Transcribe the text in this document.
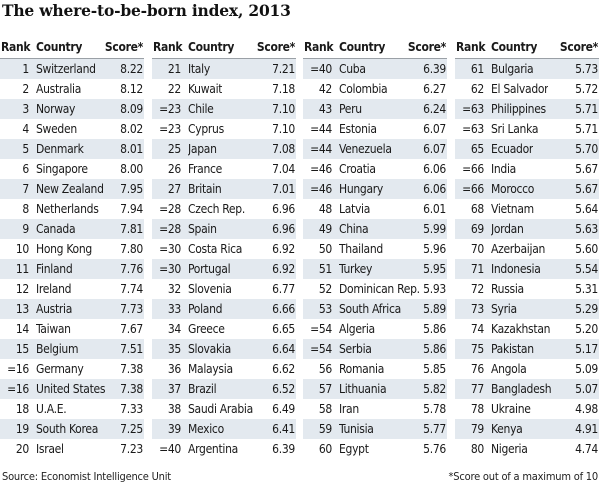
The where-to-be-born index, 2013
Rank Country Score*
1 Switzerland 8.22
2 Australia	8.12
3 Norway	8.09
4 Sweden	8.02
5 Denmark	8.01
6 Singapore	8.00
7 New Zealand 7.95
8 Netherlands 7.94
9 Canada	7.81
10 Hong Kong 7.80
11 Finland	7.76
12 Ireland	7.74
13 Austria	7.73
14 Taiwan	7.67
15 Belgium	7.51
=16 Germany	7.38
=16 United States 7.38
18 U.A.E.	7.33
19 South Korea 7.25
20 Israel	7.23
Rank Country Score*
21 Italy	7.21
22 Kuwait	7.18
=23 Chile	7.10
=23 Cyprus	7.10
25 Japan	7.08
26 France	7.04
27 Britain	7.01
=28 Czech Rep. 6.96
=28 Spain	6.96
=30 Costa Rica	6.92
=30 Portugal	6.92
32 Slovenia	6.77
33 Poland	6.66
34 Greece	6.65
35 Slovakia	6.64
36 Malaysia	6.62
37 Brazil	6.52
38 Saudi Arabia 6.49
39 Mexico	6.41
=40 Argentina	6.39
Rank Country Score*
=40 Cuba	6.39
42 Colombia	6.27
43 Peru	6.24
=44 Estonia	6.07
=44 Venezuela	6.07
=46 Croatia	6.06
=46 Hungary	6.06
48 Latvia	6.01
49 China	5.99
50 Thailand	5.96
51 Turkey	5.95
52 Dominican Rep. 5.93
53 South Africa 5.89
=54 Algeria	5.86
=54 Serbia	5.86
56 Romania	5.85
57 Lithuania	5.82
58 Iran	5.78
59 Tunisia	5.77
60 Egypt	5.76
Rank Country Score*
61 Bulgaria	5.73
62 El Salvador 5.72
=63 Philippines 5.71
=63 Sri Lanka	5.71
65 Ecuador	5.70
=66 India	5.67
=66 Morocco	5.67
68 Vietnam	5.64
69 Jordan	5.63
70 Azerbaijan	5.60
71 Indonesia	5.54
72 Russia	5.31
73 Syria	5.29
74 Kazakhstan 5.20
75 Pakistan	5.17
76 Angola	5.09
77 Bangladesh 5.07
78 Ukraine	4.98
79 Kenya	4.91
80 Nigeria	4.74
Source: Economist Intelligence Unit	*Score out of a maximum of 10
